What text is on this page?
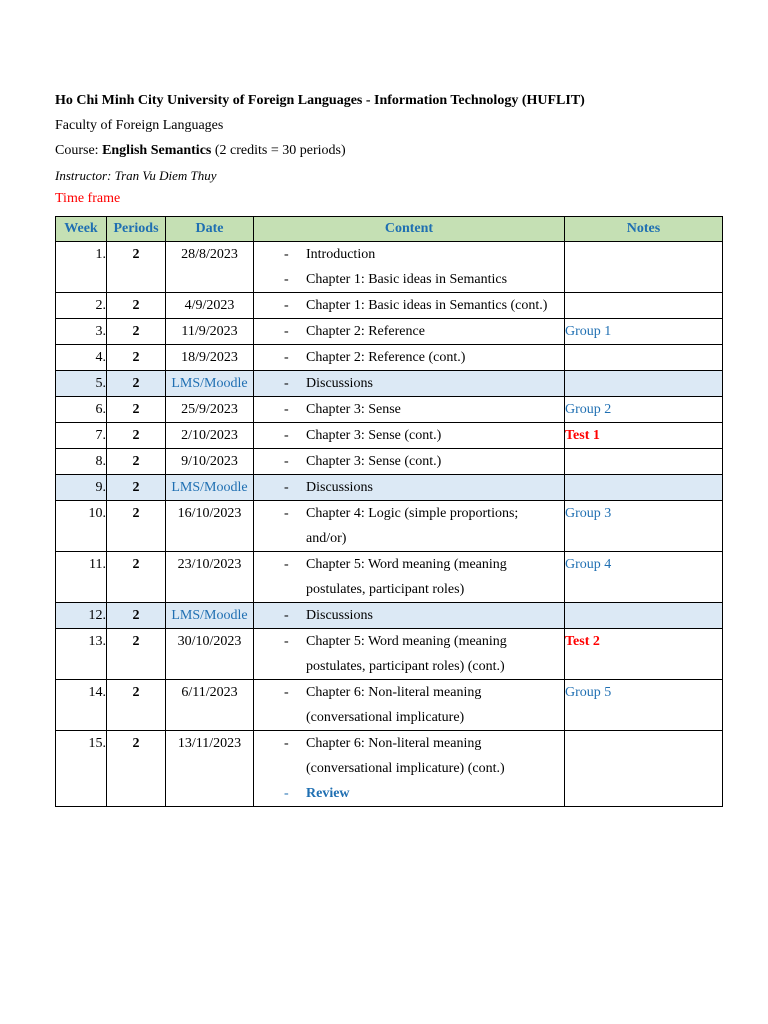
Ho Chi Minh City University of Foreign Languages - Information Technology (HUFLIT)
Faculty of Foreign Languages
Course: English Semantics (2 credits = 30 periods)
Instructor: Tran Vu Diem Thuy
Time frame
Week	Periods	Date	Content	Notes
1.	2	28/8/2023	- Introduction
- Chapter 1: Basic ideas in Semantics	

2.	2	4/9/2023	- Chapter 1: Basic ideas in Semantics (cont.)	

3.	2	11/9/2023	- Chapter 2: Reference	Group 1
4.	2	18/9/2023	- Chapter 2: Reference (cont.)	

5.	2	LMS/Moodle	- Discussions	

6.	2	25/9/2023	- Chapter 3: Sense	Group 2
7.	2	2/10/2023	- Chapter 3: Sense (cont.)	Test 1
8.	2	9/10/2023	- Chapter 3: Sense (cont.)	

9.	2	LMS/Moodle	- Discussions	

10.	2	16/10/2023	- Chapter 4: Logic (simple proportions;
and/or)	Group 3
11.	2	23/10/2023	- Chapter 5: Word meaning (meaning
postulates, participant roles)	Group 4
12.	2	LMS/Moodle	- Discussions	

13.	2	30/10/2023	- Chapter 5: Word meaning (meaning
postulates, participant roles) (cont.)	Test 2
14.	2	6/11/2023	- Chapter 6: Non-literal meaning
(conversational implicature)	Group 5
15.	2	13/11/2023	- Chapter 6: Non-literal meaning
(conversational implicature) (cont.)
- Review	
